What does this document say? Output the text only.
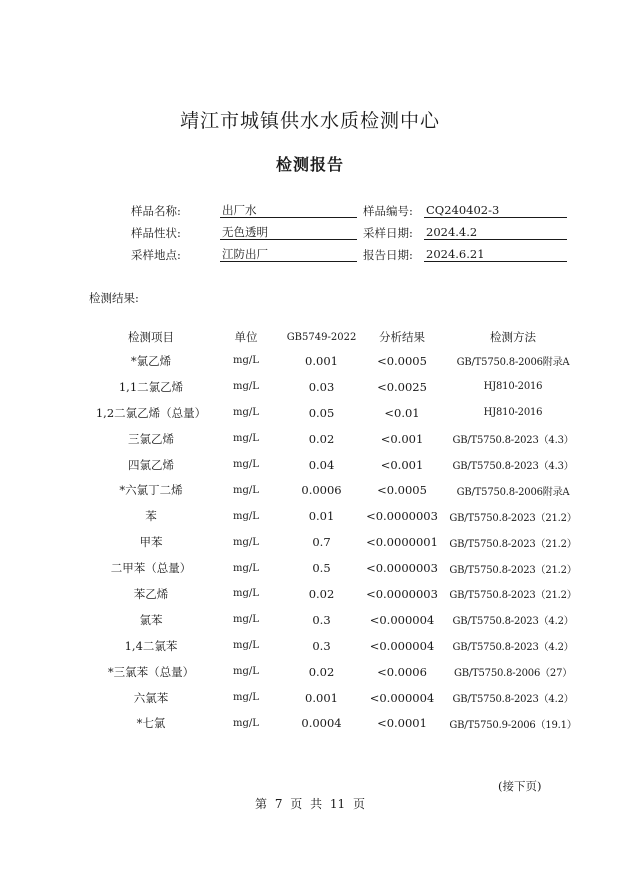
靖江市城镇供水水质检测中心
检测报告
样品名称:	出厂水	样品编号: CQ240402-3
样品性状:	无色透明	采样日期: 2024.4.2
采样地点:	江防出厂	报告日期: 2024.6.21
检测结果:
检测项目	单位	GB5749-2022	分析结果	检测方法
*氯乙烯	mg/L	0.001	<0.0005	GB/T5750.8-2006附录A
1,1二氯乙烯	mg/L	0.03	<0.0025	HJ810-2016
1,2二氯乙烯（总量）	mg/L	0.05	<0.01	HJ810-2016
三氯乙烯	mg/L	0.02	<0.001	GB/T5750.8-2023（4.3）
四氯乙烯	mg/L	0.04	<0.001	GB/T5750.8-2023（4.3）
*六氯丁二烯	mg/L	0.0006	<0.0005	GB/T5750.8-2006附录A
苯	mg/L	0.01	<0.0000003	GB/T5750.8-2023（21.2）
甲苯	mg/L	0.7	<0.0000001	GB/T5750.8-2023（21.2）
二甲苯（总量）	mg/L	0.5	<0.0000003	GB/T5750.8-2023（21.2）
苯乙烯	mg/L	0.02	<0.0000003	GB/T5750.8-2023（21.2）
氯苯	mg/L	0.3	<0.000004	GB/T5750.8-2023（4.2）
1,4二氯苯	mg/L	0.3	<0.000004	GB/T5750.8-2023（4.2）
*三氯苯（总量）	mg/L	0.02	<0.0006	GB/T5750.8-2006（27）
六氯苯	mg/L	0.001	<0.000004	GB/T5750.8-2023（4.2）
*七氯	mg/L	0.0004	<0.0001	GB/T5750.9-2006（19.1）
(接下页)
第 7 页 共 11 页
